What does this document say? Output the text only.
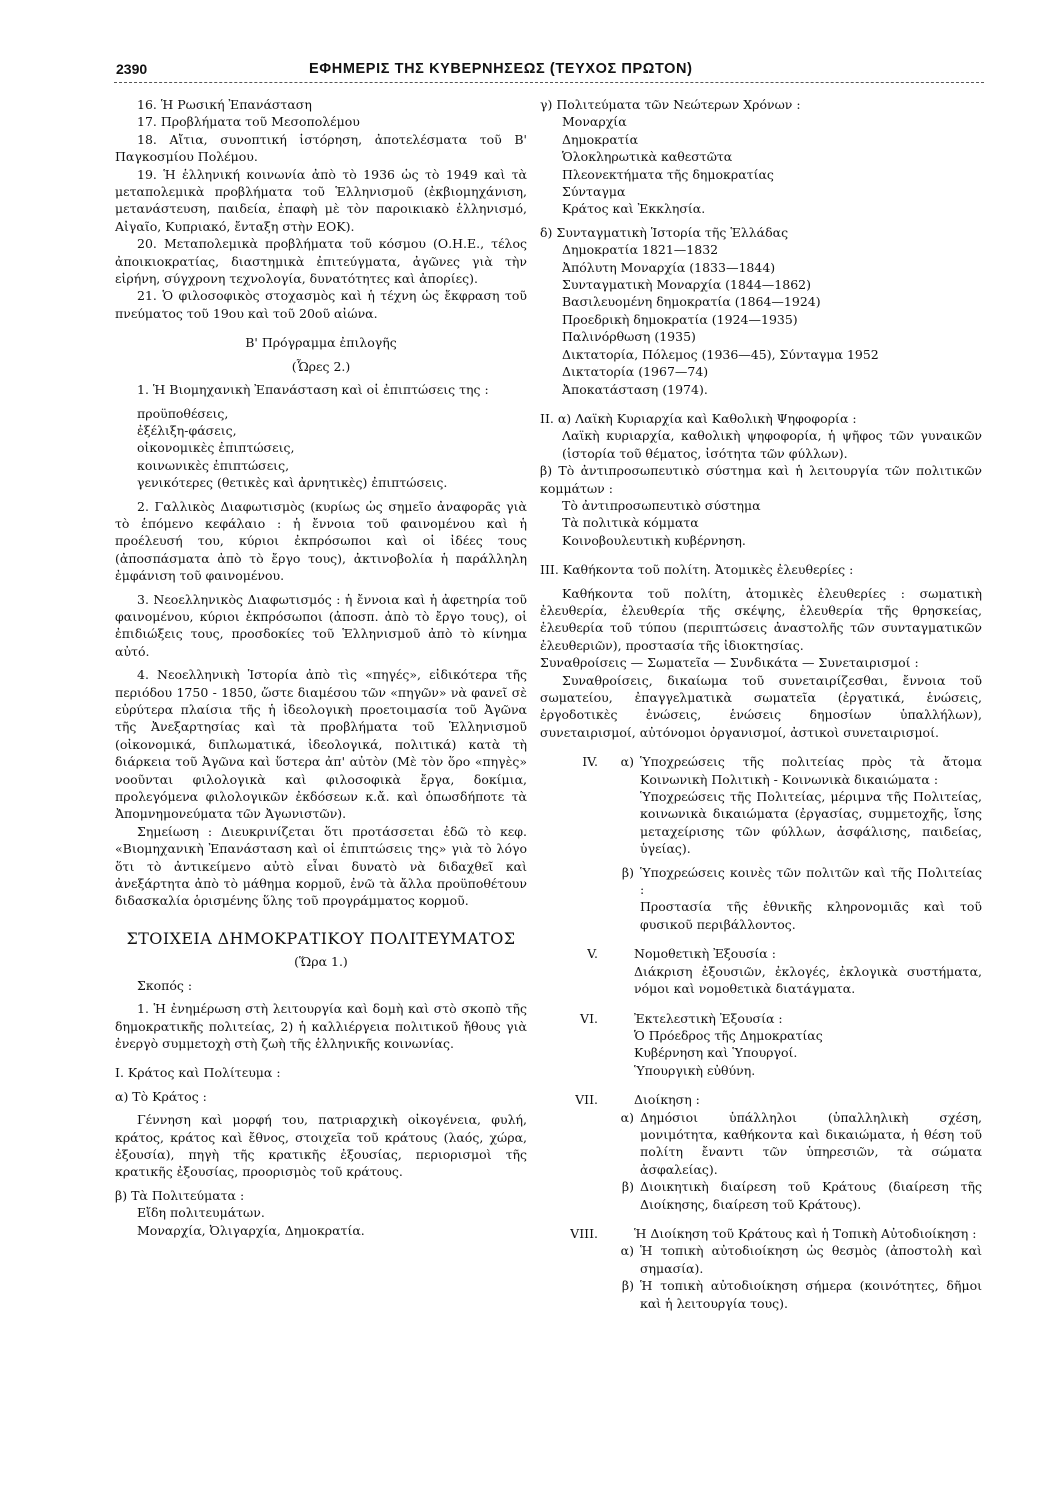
2390	ΕΦΗΜΕΡΙΣ ΤΗΣ ΚΥΒΕΡΝΗΣΕΩΣ (ΤΕΥΧΟΣ ΠΡΩΤΟΝ)

16. Ἡ Ρωσική Ἐπανάσταση

17. Προβλήματα τοῦ Μεσοπολέμου

18. Αἴτια, συνοπτική ἱστόρηση, ἀποτελέσματα τοῦ Β' Παγκοσμίου Πολέμου.

19. Ἡ ἑλληνική κοινωνία ἀπὸ τὸ 1936 ὡς τὸ 1949 καὶ τὰ μεταπολεμικὰ προβλήματα τοῦ Ἑλληνισμοῦ (ἐκβιομηχάνιση, μετανάστευση, παιδεία, ἐπαφὴ μὲ τὸν παροικιακὸ ἑλληνισμό, Αἰγαῖο, Κυπριακό, ἔνταξη στὴν ΕΟΚ).

20. Μεταπολεμικὰ προβλήματα τοῦ κόσμου (Ο.Η.Ε., τέλος ἀποικιοκρατίας, διαστημικὰ ἐπιτεύγματα, ἀγῶνες γιὰ τὴν εἰρήνη, σύγχρονη τεχνολογία, δυνατότητες καὶ ἀπορίες).

21. Ὁ φιλοσοφικὸς στοχασμὸς καὶ ἡ τέχνη ὡς ἔκφραση τοῦ πνεύματος τοῦ 19ου καὶ τοῦ 20οῦ αἰώνα.

Β' Πρόγραμμα ἐπιλογῆς

(Ὧρες 2.)

1. Ἡ Βιομηχανικὴ Ἐπανάσταση καὶ οἱ ἐπιπτώσεις της :

προϋποθέσεις,

ἐξέλιξη-φάσεις,

οἰκονομικὲς ἐπιπτώσεις,

κοινωνικὲς ἐπιπτώσεις,

γενικότερες (θετικὲς καὶ ἀρνητικὲς) ἐπιπτώσεις.

2. Γαλλικὸς Διαφωτισμὸς (κυρίως ὡς σημεῖο ἀναφορᾶς γιὰ τὸ ἑπόμενο κεφάλαιο : ἡ ἔννοια τοῦ φαινομένου καὶ ἡ προέλευσή του, κύριοι ἐκπρόσωποι καὶ οἱ ἰδέες τους (ἀποσπάσματα ἀπὸ τὸ ἔργο τους), ἀκτινοβολία ἡ παράλληλη ἐμφάνιση τοῦ φαινομένου.

3. Νεοελληνικὸς Διαφωτισμός : ἡ ἔννοια καὶ ἡ ἀφετηρία τοῦ φαινομένου, κύριοι ἐκπρόσωποι (ἀποσπ. ἀπὸ τὸ ἔργο τους), οἱ ἐπιδιώξεις τους, προσδοκίες τοῦ Ἑλληνισμοῦ ἀπὸ τὸ κίνημα αὐτό.

4. Νεοελληνικὴ Ἱστορία ἀπὸ τὶς «πηγές», εἰδικότερα τῆς περιόδου 1750 - 1850, ὥστε διαμέσου τῶν «πηγῶν» νὰ φανεῖ σὲ εὐρύτερα πλαίσια τῆς ἡ ἰδεολογικὴ προετοιμασία τοῦ Ἀγῶνα τῆς Ἀνεξαρτησίας καὶ τὰ προβλήματα τοῦ Ἑλληνισμοῦ (οἰκονομικά, διπλωματικά, ἰδεολογικά, πολιτικά) κατὰ τὴ διάρκεια τοῦ Ἀγῶνα καὶ ὕστερα ἀπ' αὐτὸν (Μὲ τὸν ὅρο «πηγὲς» νοοῦνται φιλολογικὰ καὶ φιλοσοφικὰ ἔργα, δοκίμια, προλεγόμενα φιλολογικῶν ἐκδόσεων κ.ἄ. καὶ ὁπωσδήποτε τὰ Ἀπομνημονεύματα τῶν Ἀγωνιστῶν).

Σημείωση : Διευκρινίζεται ὅτι προτάσσεται ἐδῶ τὸ κεφ. «Βιομηχανικὴ Ἐπανάσταση καὶ οἱ ἐπιπτώσεις της» γιὰ τὸ λόγο ὅτι τὸ ἀντικείμενο αὐτὸ εἶναι δυνατὸ νὰ διδαχθεῖ καὶ ἀνεξάρτητα ἀπὸ τὸ μάθημα κορμοῦ, ἐνῶ τὰ ἄλλα προϋποθέτουν διδασκαλία ὁρισμένης ὕλης τοῦ προγράμματος κορμοῦ.

ΣΤΟΙΧΕΙΑ ΔΗΜΟΚΡΑΤΙΚΟΥ ΠΟΛΙΤΕΥΜΑΤΟΣ

(Ὥρα 1.)

Σκοπός :

1. Ἡ ἐνημέρωση στὴ λειτουργία καὶ δομὴ καὶ στὸ σκοπὸ τῆς δημοκρατικῆς πολιτείας, 2) ἡ καλλιέργεια πολιτικοῦ ἤθους γιὰ ἐνεργὸ συμμετοχὴ στὴ ζωὴ τῆς ἑλληνικῆς κοινωνίας.

Ι. Κράτος καὶ Πολίτευμα :

α) Τὸ Κράτος :

Γέννηση καὶ μορφή του, πατριαρχικὴ οἰκογένεια, φυλή, κράτος, κράτος καὶ ἔθνος, στοιχεῖα τοῦ κράτους (λαός, χώρα, ἐξουσία), πηγὴ τῆς κρατικῆς ἐξουσίας, περιορισμοὶ τῆς κρατικῆς ἐξουσίας, προορισμὸς τοῦ κράτους.

β) Τὰ Πολιτεύματα :

Εἴδη πολιτευμάτων.

Μοναρχία, Ὀλιγαρχία, Δημοκρατία.

γ) Πολιτεύματα τῶν Νεώτερων Χρόνων :

Μοναρχία

Δημοκρατία

Ὁλοκληρωτικὰ καθεστῶτα

Πλεονεκτήματα τῆς δημοκρατίας

Σύνταγμα

Κράτος καὶ Ἐκκλησία.

δ) Συνταγματικὴ Ἱστορία τῆς Ἑλλάδας

Δημοκρατία 1821—1832

Ἀπόλυτη Μοναρχία (1833—1844)

Συνταγματικὴ Μοναρχία (1844—1862)

Βασιλευομένη δημοκρατία (1864—1924)

Προεδρικὴ δημοκρατία (1924—1935)

Παλινόρθωση (1935)

Δικτατορία, Πόλεμος (1936—45), Σύνταγμα 1952

Δικτατορία (1967—74)

Ἀποκατάσταση (1974).

ΙΙ. α) Λαϊκὴ Κυριαρχία καὶ Καθολικὴ Ψηφοφορία :

Λαϊκὴ κυριαρχία, καθολικὴ ψηφοφορία, ἡ ψῆφος τῶν γυναικῶν (ἱστορία τοῦ θέματος, ἰσότητα τῶν φύλλων).

β) Τὸ ἀντιπροσωπευτικὸ σύστημα καὶ ἡ λειτουργία τῶν πολιτικῶν κομμάτων :

Τὸ ἀντιπροσωπευτικὸ σύστημα

Τὰ πολιτικὰ κόμματα

Κοινοβουλευτικὴ κυβέρνηση.

ΙΙΙ. Καθήκοντα τοῦ πολίτη. Ἀτομικὲς ἐλευθερίες :

Καθήκοντα τοῦ πολίτη, ἀτομικὲς ἐλευθερίες : σωματικὴ ἐλευθερία, ἐλευθερία τῆς σκέψης, ἐλευθερία τῆς θρησκείας, ἐλευθερία τοῦ τύπου (περιπτώσεις ἀναστολῆς τῶν συνταγματικῶν ἐλευθεριῶν), προστασία τῆς ἰδιοκτησίας.

Συναθροίσεις — Σωματεῖα — Συνδικάτα — Συνεταιρισμοί :

Συναθροίσεις, δικαίωμα τοῦ συνεταιρίζεσθαι, ἔννοια τοῦ σωματείου, ἐπαγγελματικὰ σωματεῖα (ἐργατικά, ἑνώσεις, ἐργοδοτικὲς ἑνώσεις, ἑνώσεις δημοσίων ὑπαλλήλων), συνεταιρισμοί, αὐτόνομοι ὀργανισμοί, ἀστικοὶ συνεταιρισμοί.

IV.	α) Ὑποχρεώσεις τῆς πολιτείας πρὸς τὰ ἄτομα Κοινωνικὴ Πολιτικὴ - Κοινωνικὰ δικαιώματα :

Ὑποχρεώσεις τῆς Πολιτείας, μέριμνα τῆς Πολιτείας, κοινωνικὰ δικαιώματα (ἐργασίας, συμμετοχῆς, ἴσης μεταχείρισης τῶν φύλλων, ἀσφάλισης, παιδείας, ὑγείας).

β) Ὑποχρεώσεις κοινὲς τῶν πολιτῶν καὶ τῆς Πολιτείας :

Προστασία τῆς ἐθνικῆς κληρονομιᾶς καὶ τοῦ φυσικοῦ περιβάλλοντος.

V.	Νομοθετικὴ Ἐξουσία :

Διάκριση ἐξουσιῶν, ἐκλογές, ἐκλογικὰ συστήματα, νόμοι καὶ νομοθετικὰ διατάγματα.

VI.	Ἐκτελεστικὴ Ἐξουσία :

Ὁ Πρόεδρος τῆς Δημοκρατίας

Κυβέρνηση καὶ Ὑπουργοί.

Ὑπουργικὴ εὐθύνη.

VII.	Διοίκηση :

α) Δημόσιοι ὑπάλληλοι (ὑπαλληλικὴ σχέση, μονιμότητα, καθήκοντα καὶ δικαιώματα, ἡ θέση τοῦ πολίτη ἔναντι τῶν ὑπηρεσιῶν, τὰ σώματα ἀσφαλείας).

β) Διοικητικὴ διαίρεση τοῦ Κράτους (διαίρεση τῆς Διοίκησης, διαίρεση τοῦ Κράτους).

VIII.	Ἡ Διοίκηση τοῦ Κράτους καὶ ἡ Τοπικὴ Αὐτοδιοίκηση :

α) Ἡ τοπικὴ αὐτοδιοίκηση ὡς θεσμὸς (ἀποστολὴ καὶ σημασία).

β) Ἡ τοπικὴ αὐτοδιοίκηση σήμερα (κοινότητες, δῆμοι καὶ ἡ λειτουργία τους).
